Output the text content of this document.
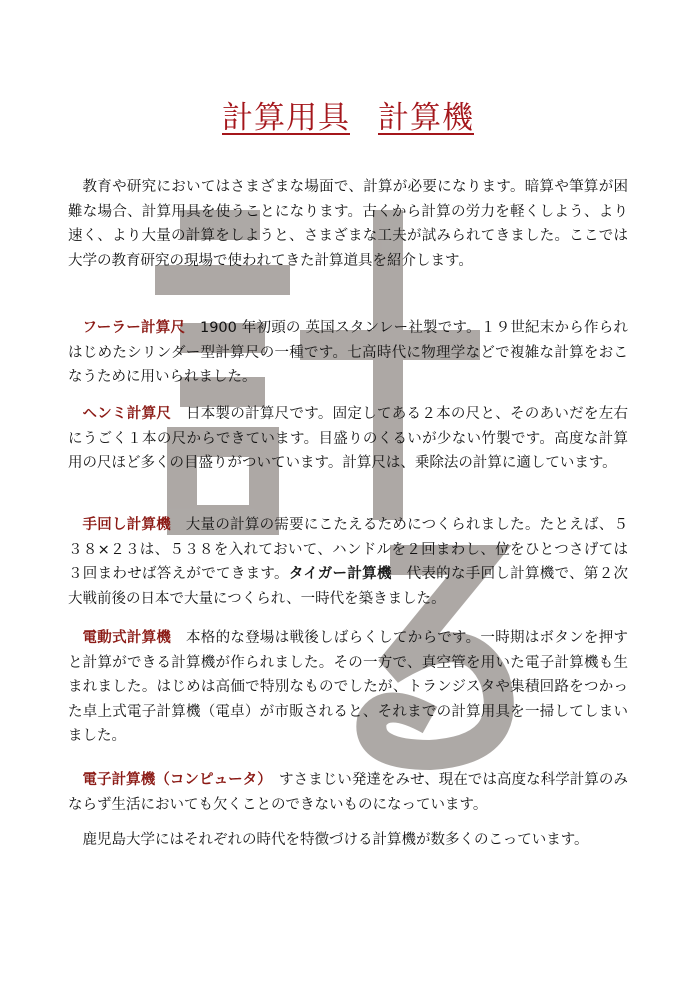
計算用具 計算機

教育や研究においてはさまざまな場面で、計算が必要になります。暗算や筆算が困難な場合、計算用具を使うことになります。古くから計算の労力を軽くしよう、より速く、より大量の計算をしようと、さまざまな工夫が試みられてきました。ここでは大学の教育研究の現場で使われてきた計算道具を紹介します。

フーラー計算尺　1900 年初頭の 英国スタンレー社製です。１９世紀末から作られはじめたシリンダー型計算尺の一種です。七高時代に物理学などで複雑な計算をおこなうために用いられました。

ヘンミ計算尺　日本製の計算尺です。固定してある２本の尺と、そのあいだを左右にうごく１本の尺からできています。目盛りのくるいが少ない竹製です。高度な計算用の尺ほど多くの目盛りがついています。計算尺は、乗除法の計算に適しています。

手回し計算機　大量の計算の需要にこたえるためにつくられました。たとえば、５３８×２３は、５３８を入れておいて、ハンドルを２回まわし、位をひとつさげては３回まわせば答えがでてきます。タイガー計算機　代表的な手回し計算機で、第２次大戦前後の日本で大量につくられ、一時代を築きました。

電動式計算機　本格的な登場は戦後しばらくしてからです。一時期はボタンを押すと計算ができる計算機が作られました。その一方で、真空管を用いた電子計算機も生まれました。はじめは高価で特別なものでしたが、トランジスタや集積回路をつかった卓上式電子計算機（電卓）が市販されると、それまでの計算用具を一掃してしまいました。

電子計算機（コンピュータ）　すさまじい発達をみせ、現在では高度な科学計算のみならず生活においても欠くことのできないものになっています。

鹿児島大学にはそれぞれの時代を特徴づける計算機が数多くのこっています。
